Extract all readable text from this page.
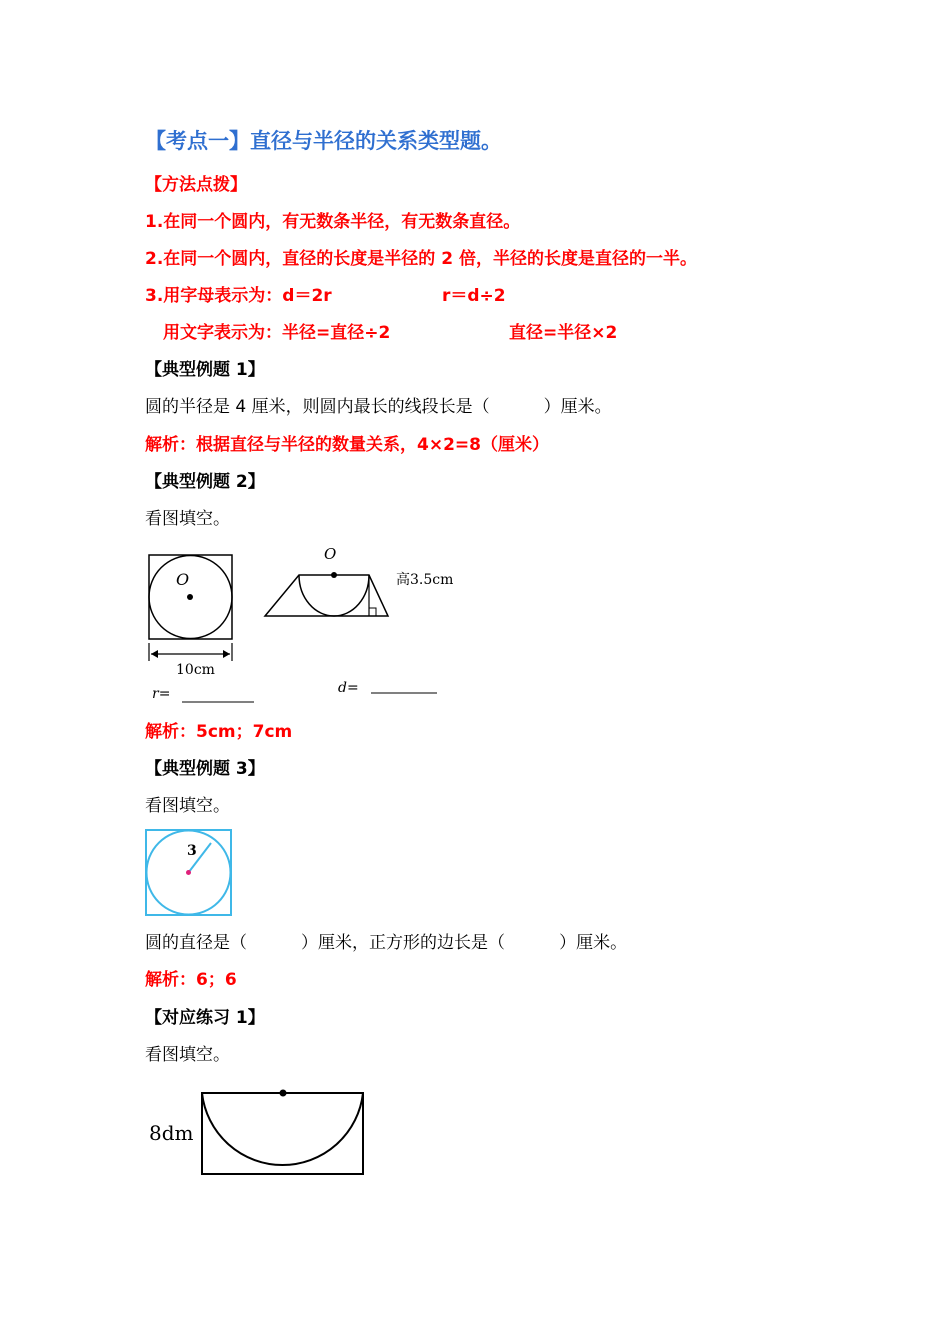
【考点一】直径与半径的关系类型题。
【方法点拨】
1.在同一个圆内，有无数条半径，有无数条直径。
2.在同一个圆内，直径的长度是半径的 2 倍，半径的长度是直径的一半。
3.用字母表示为：d＝2r	r＝d÷2
用文字表示为：半径=直径÷2	直径=半径×2
【典型例题 1】
圆的半径是 4 厘米，则圆内最长的线段长是（          ）厘米。
解析：根据直径与半径的数量关系，4×2=8（厘米）
【典型例题 2】
看图填空。
O
10cm
r=
O
高3.5cm
d=
解析：5cm；7cm
【典型例题 3】
看图填空。
3
圆的直径是（          ）厘米，正方形的边长是（          ）厘米。
解析：6；6
【对应练习 1】
看图填空。
8dm
